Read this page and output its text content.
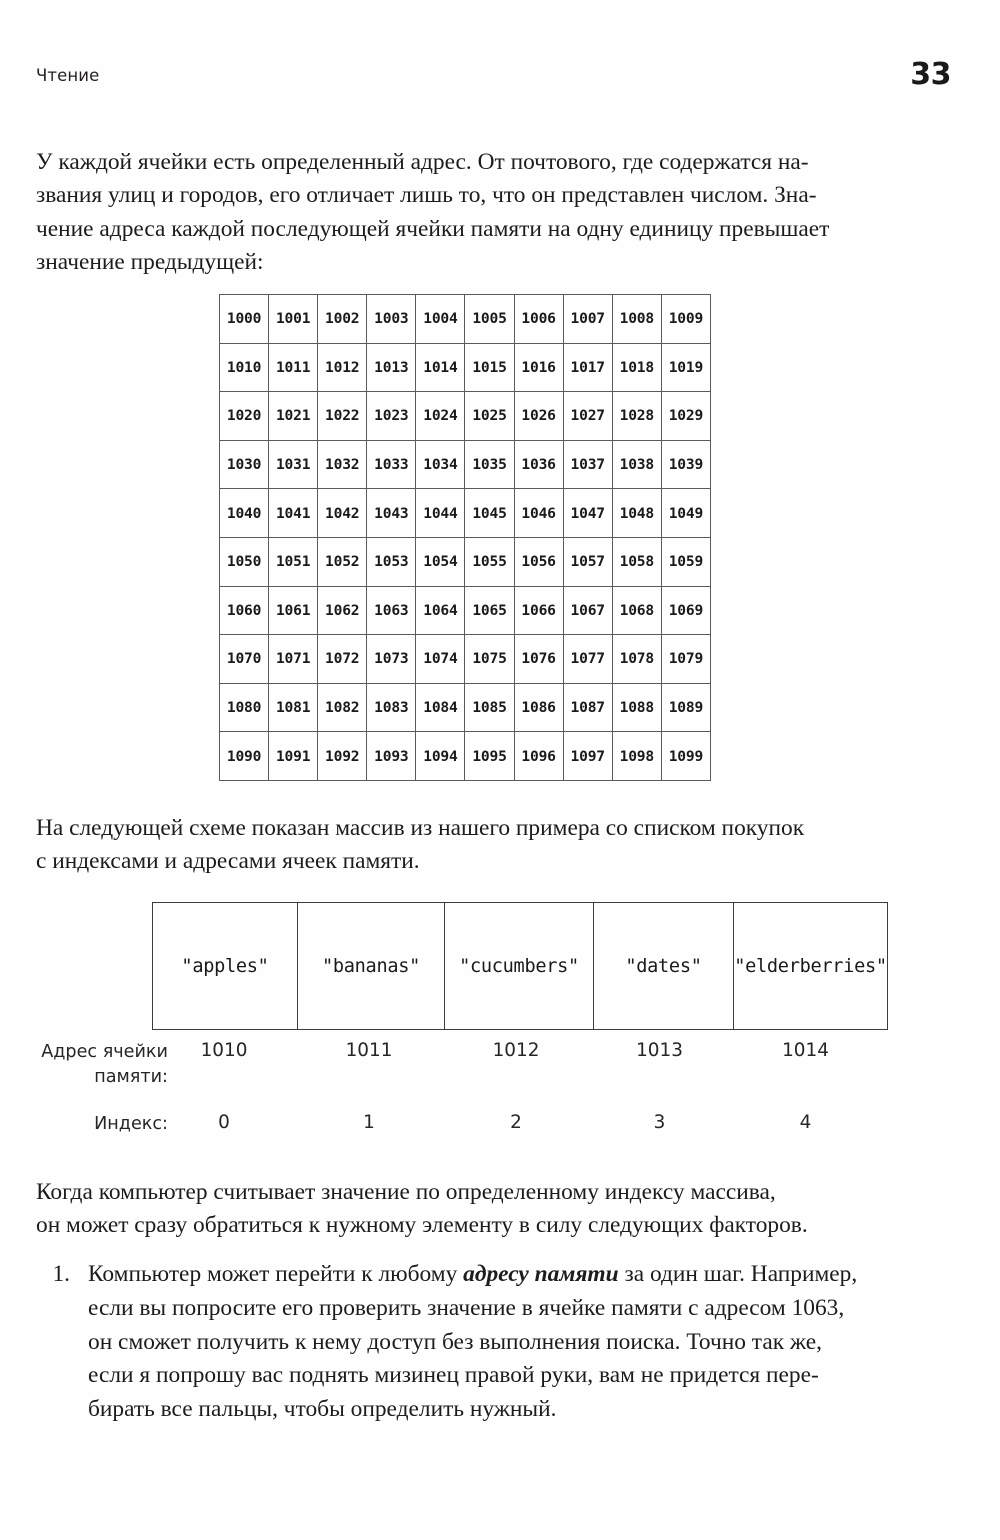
Чтение	33
У каждой ячейки есть определенный адрес. От почтового, где содержатся на-
звания улиц и городов, его отличает лишь то, что он представлен числом. Зна-
чение адреса каждой последующей ячейки памяти на одну единицу превышает
значение предыдущей:
1000	1001	1002	1003	1004	1005	1006	1007	1008	1009
1010	1011	1012	1013	1014	1015	1016	1017	1018	1019
1020	1021	1022	1023	1024	1025	1026	1027	1028	1029
1030	1031	1032	1033	1034	1035	1036	1037	1038	1039
1040	1041	1042	1043	1044	1045	1046	1047	1048	1049
1050	1051	1052	1053	1054	1055	1056	1057	1058	1059
1060	1061	1062	1063	1064	1065	1066	1067	1068	1069
1070	1071	1072	1073	1074	1075	1076	1077	1078	1079
1080	1081	1082	1083	1084	1085	1086	1087	1088	1089
1090	1091	1092	1093	1094	1095	1096	1097	1098	1099
На следующей схеме показан массив из нашего примера со списком покупок
с индексами и адресами ячеек памяти.
"apples"	"bananas"	"cucumbers"	"dates"	"elderberries"
Адрес ячейки
памяти:
1010	1011	1012	1013	1014
Индекс:	0	1	2	3	4
Когда компьютер считывает значение по определенному индексу массива,
он может сразу обратиться к нужному элементу в силу следующих факторов.
1. Компьютер может перейти к любому адресу памяти за один шаг. Например,
если вы попросите его проверить значение в ячейке памяти с адресом 1063,
он сможет получить к нему доступ без выполнения поиска. Точно так же,
если я попрошу вас поднять мизинец правой руки, вам не придется пере-
бирать все пальцы, чтобы определить нужный.
